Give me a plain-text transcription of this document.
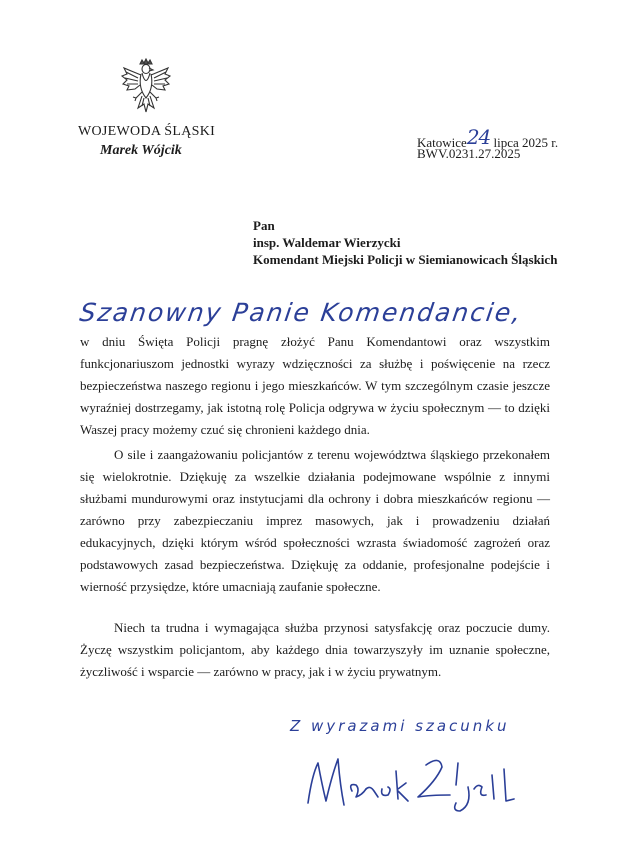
WOJEWODA ŚLĄSKI
Marek Wójcik
Katowice24 lipca 2025 r.
BWV.0231.27.2025
Pan
insp. Waldemar Wierzycki
Komendant Miejski Policji w Siemianowicach Śląskich
Szanowny Panie Komendancie,

w dniu Święta Policji pragnę złożyć Panu Komendantowi oraz wszystkim funkcjonariuszom jednostki wyrazy wdzięczności za służbę i poświęcenie na rzecz bezpieczeństwa naszego regionu i jego mieszkańców. W tym szczególnym czasie jeszcze wyraźniej dostrzegamy, jak istotną rolę Policja odgrywa w życiu społecznym — to dzięki Waszej pracy możemy czuć się chronieni każdego dnia.

O sile i zaangażowaniu policjantów z terenu województwa śląskiego przekonałem się wielokrotnie. Dziękuję za wszelkie działania podejmowane wspólnie z innymi służbami mundurowymi oraz instytucjami dla ochrony i dobra mieszkańców regionu — zarówno przy zabezpieczaniu imprez masowych, jak i prowadzeniu działań edukacyjnych, dzięki którym wśród społeczności wzrasta świadomość zagrożeń oraz podstawowych zasad bezpieczeństwa. Dziękuję za oddanie, profesjonalne podejście i wierność przysiędze, które umacniają zaufanie społeczne.

Niech ta trudna i wymagająca służba przynosi satysfakcję oraz poczucie dumy. Życzę wszystkim policjantom, aby każdego dnia towarzyszyły im uznanie społeczne, życzliwość i wsparcie — zarówno w pracy, jak i w życiu prywatnym.

Z wyrazami szacunku
